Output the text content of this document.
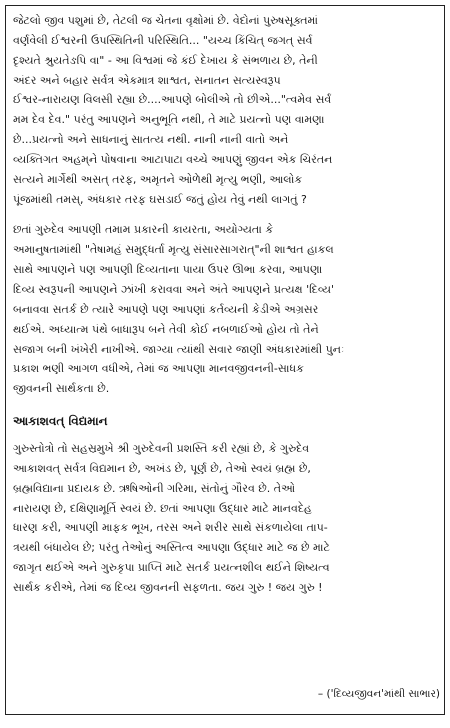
જેટલો જીવ પશુમાં છે, તેટલી જ ચેતના વૃક્ષોમાં છે. વેદોનાં પુરુષસૂક્તમાં

વર્ણવેલી ઈશ્વરની ઉપસ્થિતિની પરિસ્થિતિ... "યચ્ચ કિંચિત્ જગત્ સર્વ

દૃશ્યતે શ્રુયતેઙપિ વા" - આ વિશ્વમાં જે કંઈ દેખાય કે સંભળાય છે, તેની

અંદર અને બહાર સર્વત્ર એકમાત્ર શાશ્વત, સનાતન સત્યસ્વરૂપ

ઈશ્વર-નારાયણ વિલસી રહ્યા છે....આપણે બોલીએ તો છીએ..."ત્વમેવ સર્વં

મમ દેવ દેવ." પરંતુ આપણને અનુભૂતિ નથી, તે માટે પ્રયત્નો પણ વામણા

છે...પ્રયત્નો અને સાધનાનું સાતત્ય નથી. નાની નાની વાતો અને

વ્યક્તિગત અહમ્‌ને પોષવાના આટાપાટા વચ્ચે આપણું જીવન એક ચિરંતન

સત્યને માર્ગેથી અસત્ તરફ, અમૃતને ઓળેથી મૃત્યુ ભણી, આલોક

પૂંજમાંથી તમસ્, અંધકાર તરફ ઘસડાઈ જતું હોય તેવું નથી લાગતું ?

છતાં ગુરુદેવ આપણી તમામ પ્રકારની કાયરતા, અયોગ્યતા કે

અમાનુષતામાંથી "તેષામહં સમુદ્ધર્તા મૃત્યુ સંસારસાગરાત્"ની શાશ્વત હાકલ

સાથે આપણને પણ આપણી દિવ્યતાના પાયા ઉપર ઊભા કરવા, આપણા

દિવ્ય સ્વરૂપની આપણને ઝાંખી કરાવવા અને અંતે આપણને પ્રત્યક્ષ 'દિવ્ય'

બનાવવા સતર્ક છે ત્યારે આપણે પણ આપણાં કર્તવ્યની કેડીએ અગ્રસર

થઈએ. અધ્યાત્મ પંથે બાધારૂપ બને તેવી કોઈ નબળાઈઓ હોય તો તેને

સજાગ બની ખંખેરી નાખીએ. જાગ્યા ત્યાંથી સવાર જાણી અંધકારમાંથી પુનઃ

પ્રકાશ ભણી આગળ વધીએ, તેમાં જ આપણા માનવજીવનની-સાધક

જીવનની સાર્થકતા છે.

આકાશવત્ વિદ્યમાન

ગુરુસ્તોત્રો તો સહસ્રમુખે શ્રી ગુરુદેવની પ્રશસ્તિ કરી રહ્યાં છે, કે ગુરુદેવ

આકાશવત્ સર્વત્ર વિદ્યમાન છે, અખંડ છે, પૂર્ણ છે, તેઓ સ્વયં બ્રહ્મ છે,

બ્રહ્મવિદ્યાના પ્રદાયક છે. ઋષિઓની ગરિમા, સંતોનું ગૌરવ છે. તેઓ

નારાયણ છે, દક્ષિણામૂર્તિ સ્વયં છે. છતાં આપણા ઉદ્ધાર માટે માનવદેહ

ધારણ કરી, આપણી માફક ભૂખ, તરસ અને શરીર સાથે સંકળાયેલા તાપ-

ત્રયથી બંધાયેલ છે; પરંતુ તેઓનું અસ્તિત્વ આપણા ઉદ્ધાર માટે જ છે માટે

જાગૃત થઈએ અને ગુરુકૃપા પ્રાપ્તિ માટે સતર્ક પ્રયત્નશીલ થઈને શિષ્યત્વ

સાર્થક કરીએ, તેમાં જ દિવ્ય જીવનની સફળતા. જય ગુરુ ! જય ગુરુ !

– ('દિવ્યજીવન'માંથી સાભાર)
